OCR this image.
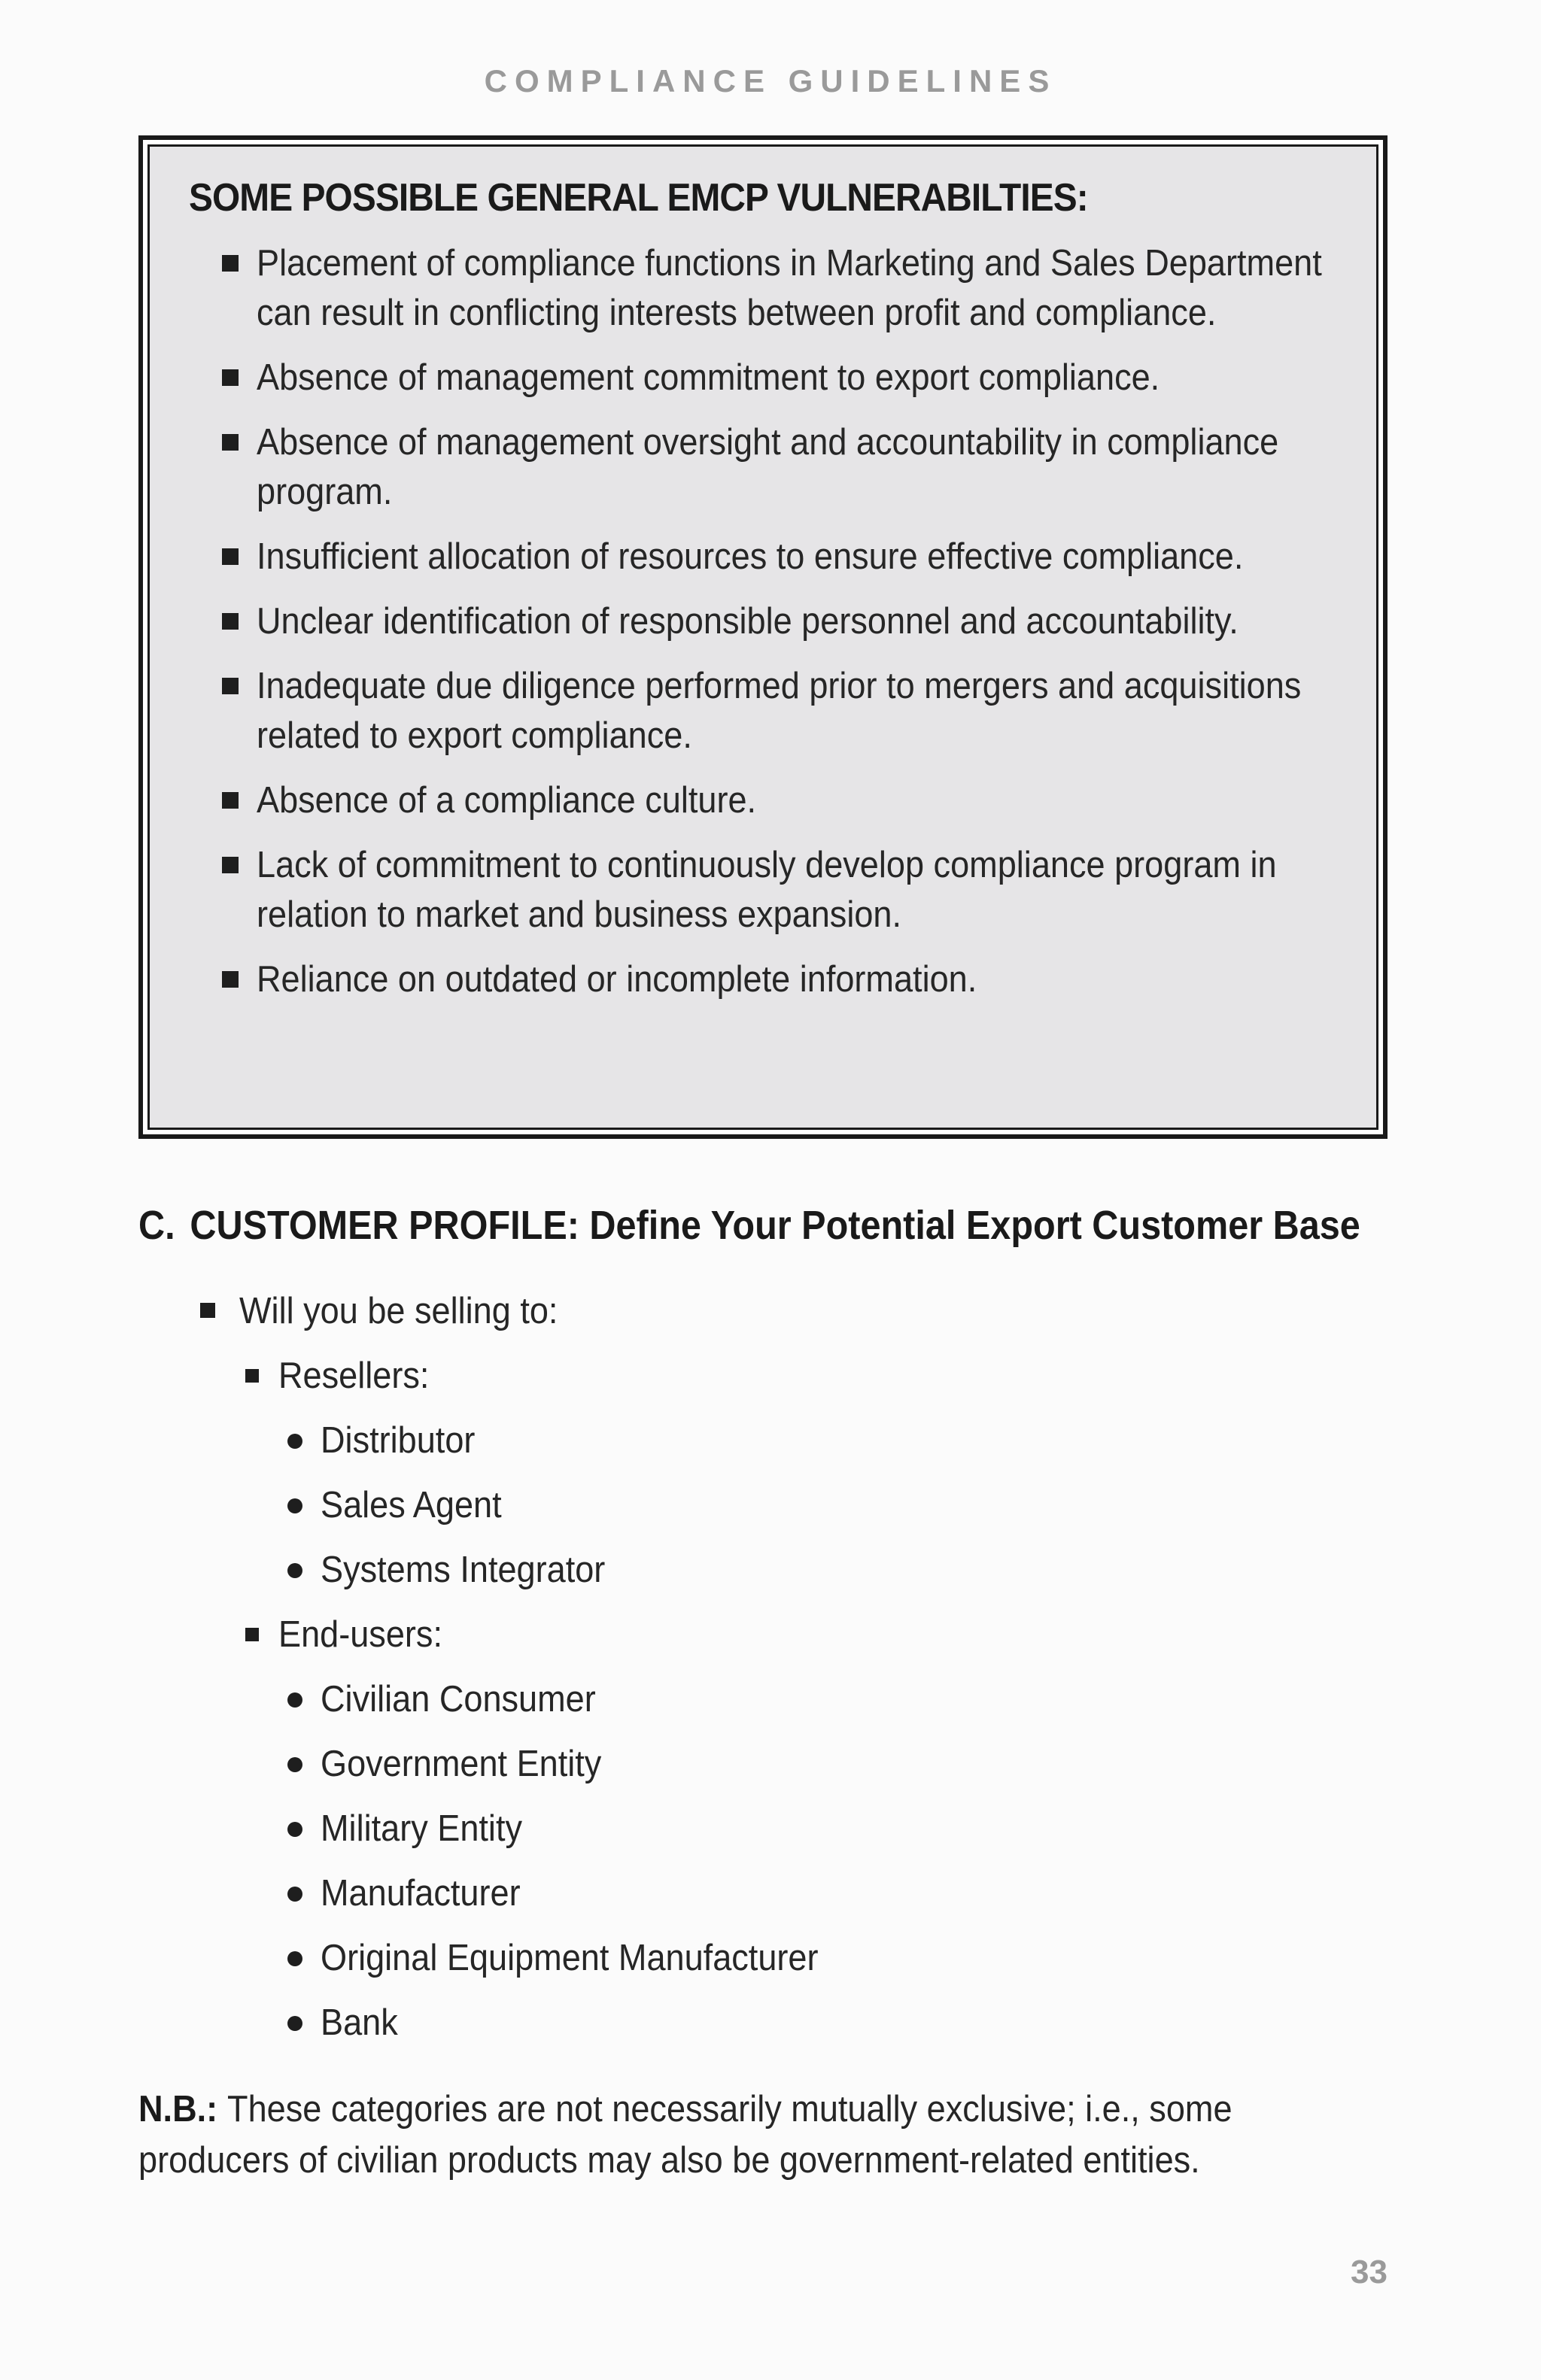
COMPLIANCE GUIDELINES
SOME POSSIBLE GENERAL EMCP VULNERABILTIES:
Placement of compliance functions in Marketing and Sales Department can result in conflicting interests between profit and compliance.
Absence of management commitment to export compliance.
Absence of management oversight and accountability in compliance program.
Insufficient allocation of resources to ensure effective compliance.
Unclear identification of responsible personnel and accountability.
Inadequate due diligence performed prior to mergers and acquisitions related to export compliance.
Absence of a compliance culture.
Lack of commitment to continuously develop compliance program in relation to market and business expansion.
Reliance on outdated or incomplete information.
C. CUSTOMER PROFILE: Define Your Potential Export Customer Base
Will you be selling to:
Resellers:
Distributor
Sales Agent
Systems Integrator
End-users:
Civilian Consumer
Government Entity
Military Entity
Manufacturer
Original Equipment Manufacturer
Bank
N.B.: These categories are not necessarily mutually exclusive; i.e., some producers of civilian products may also be government-related entities.
33
